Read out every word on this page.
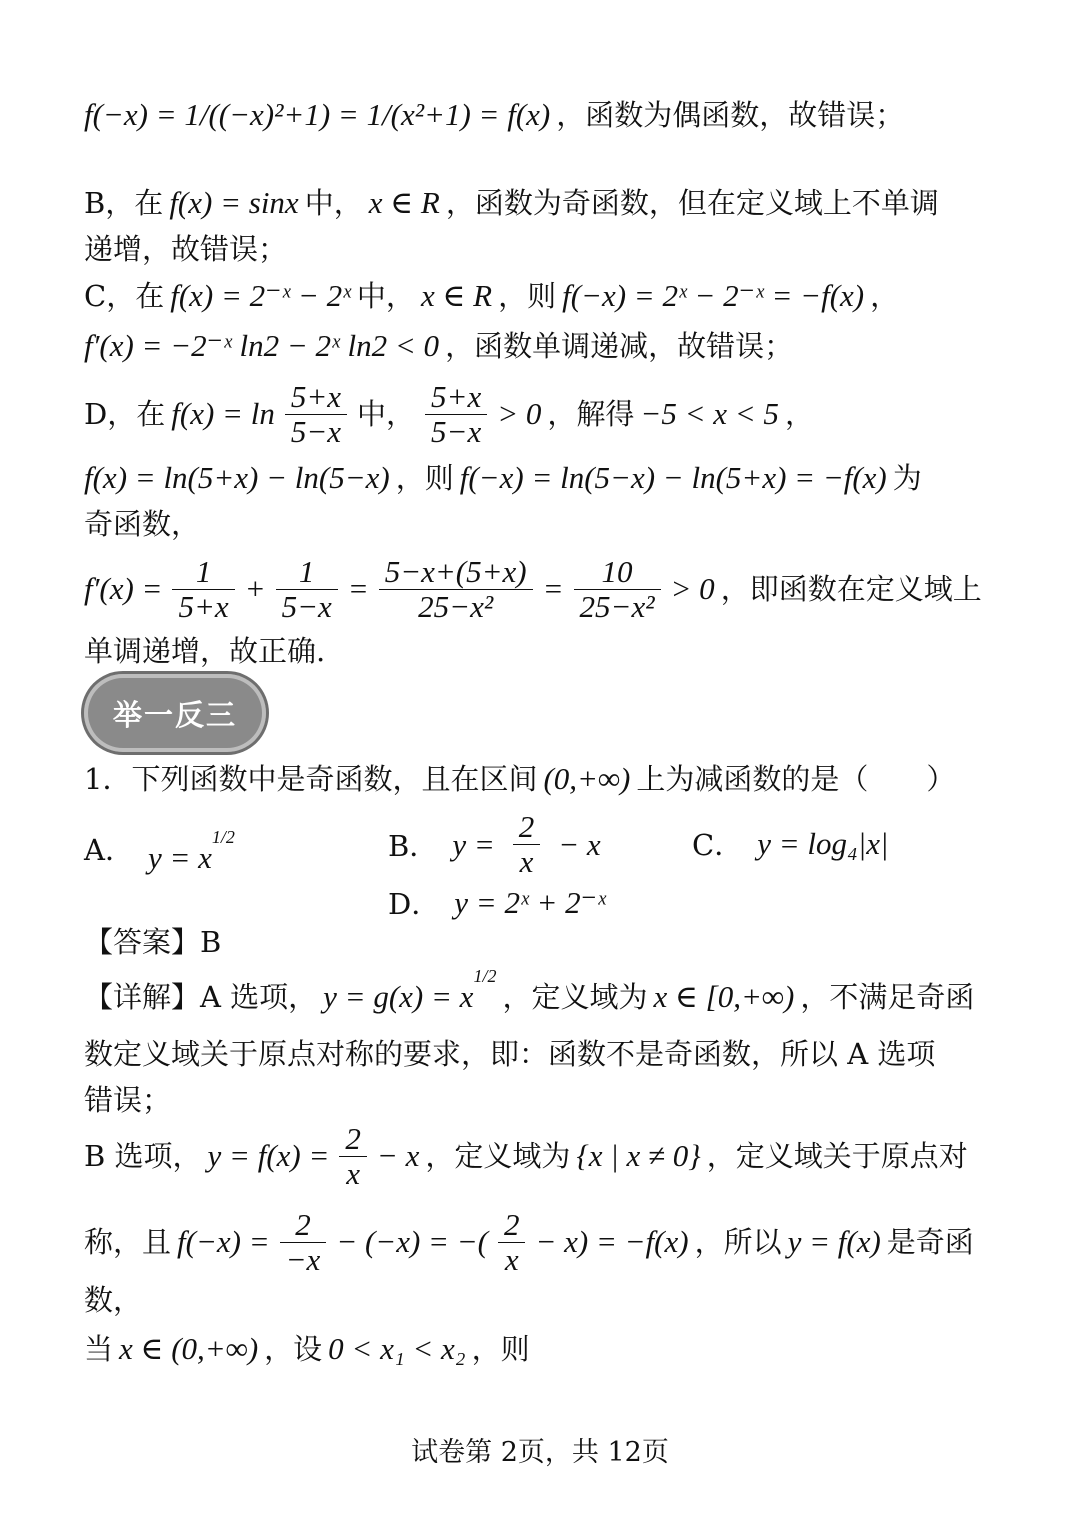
f(−x) = 1/((−x)²+1) = 1/(x²+1) = f(x) ，函数为偶函数，故错误；
B，在 f(x) = sinx 中， x ∈ R ，函数为奇函数，但在定义域上不单调
递增，故错误；
C，在 f(x) = 2⁻ˣ − 2ˣ 中， x ∈ R ，则 f(−x) = 2ˣ − 2⁻ˣ = −f(x) ，
f′(x) = −2⁻ˣ ln2 − 2ˣ ln2 < 0 ，函数单调递减，故错误；
D，在 $f(x) = \ln \frac{5+x}{5-x}$ 中， $\frac{5+x}{5-x} > 0$ ，解得 −5 < x < 5 ，
f(x) = ln(5+x) − ln(5−x) ，则 f(−x) = ln(5−x) − ln(5+x) = −f(x) 为
奇函数，
$f'(x) = \frac{1}{5+x} + \frac{1}{5-x} = \frac{5-x+(5+x)}{\text{25−x²}} = \frac{10}{\text{25−x²}} > 0$ ，即函数在定义域上
单调递增，故正确.
举一反三
1．下列函数中是奇函数，且在区间 (0,+∞) 上为减函数的是（　　）
A． $y = x^{1/2}$	B． $y = \frac{2}{x} - x$	C． y = log₄|x|
D． y = 2ˣ + 2⁻ˣ
【答案】B
【详解】A 选项， $y = g(x) = x^{1/2}$
，定义域为 x ∈ [0,+∞) ，不满足奇函
数定义域关于原点对称的要求，即：函数不是奇函数，所以 A 选项
错误；
B 选项， $y = f(x) = \frac{2}{x} - x$ ，定义域为 {x | x ≠ 0} ，定义域关于原点对
称，且 $f(-x) = \frac{2}{-x} - (-x)$ = −( $\frac{2}{x} - x) = -f(x)$ ，所以 y = f(x) 是奇函
数，
当 x ∈ (0,+∞) ，设 0 < x₁ < x₂ ，则
试卷第 2页，共 12页
